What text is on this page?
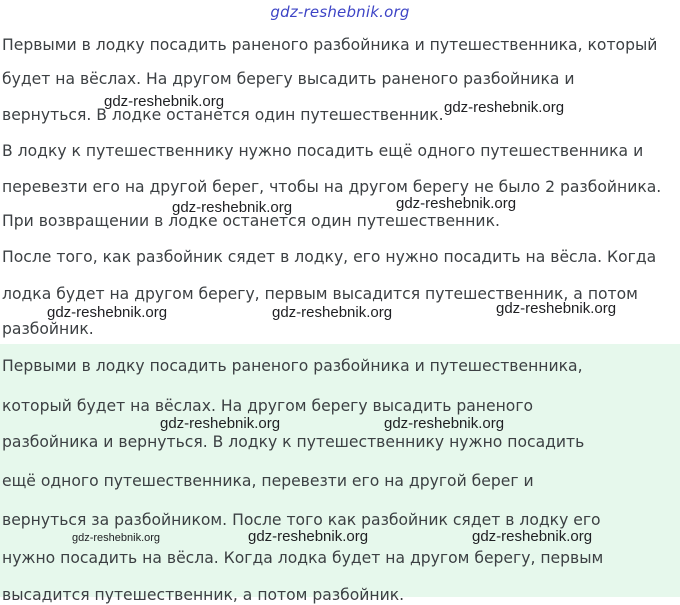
gdz-reshebnik.org
Первыми в лодку посадить раненого разбойника и путешественника, который
будет на вёслах. На другом берегу высадить раненого разбойника и
вернуться. В лодке останется один путешественник.
В лодку к путешественнику нужно посадить ещё одного путешественника и
перевезти его на другой берег, чтобы на другом берегу не было 2 разбойника.
При возвращении в лодке останется один путешественник.
После того, как разбойник сядет в лодку, его нужно посадить на вёсла. Когда
лодка будет на другом берегу, первым высадится путешественник, а потом
разбойник.
Первыми в лодку посадить раненого разбойника и путешественника,
который будет на вёслах. На другом берегу высадить раненого
разбойника и вернуться. В лодку к путешественнику нужно посадить
ещё одного путешественника, перевезти его на другой берег и
вернуться за разбойником. После того как разбойник сядет в лодку его
нужно посадить на вёсла. Когда лодка будет на другом берегу, первым
высадится путешественник, а потом разбойник.
gdz-reshebnik.org	gdz-reshebnik.org
gdz-reshebnik.org	gdz-reshebnik.org
gdz-reshebnik.org	gdz-reshebnik.org	gdz-reshebnik.org
gdz-reshebnik.org	gdz-reshebnik.org
gdz-reshebnik.org	gdz-reshebnik.org	gdz-reshebnik.org
